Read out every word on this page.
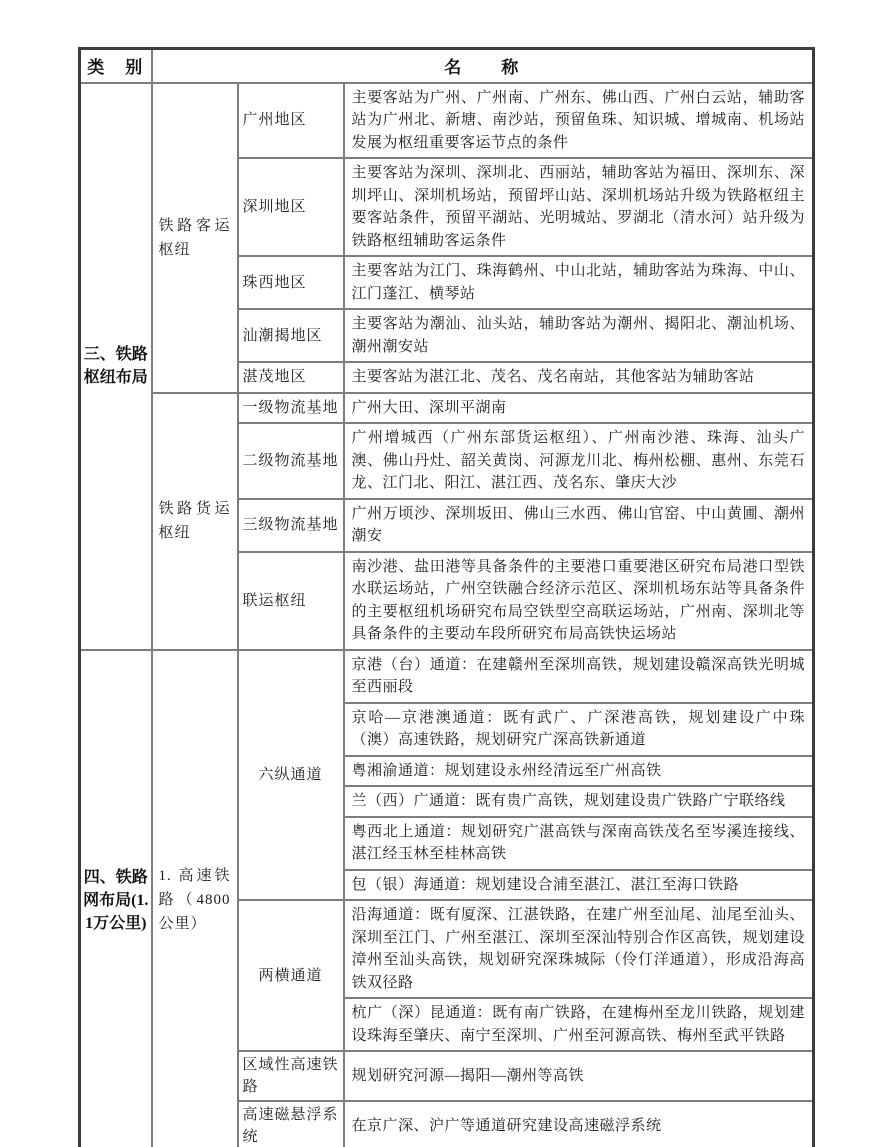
类　别	名　　称		
三、铁路枢纽布局	铁路客运枢纽	广州地区	主要客站为广州、广州南、广州东、佛山西、广州白云站，辅助客站为广州北、新塘、南沙站，预留鱼珠、知识城、增城南、机场站发展为枢纽重要客运节点的条件
		深圳地区	主要客站为深圳、深圳北、西丽站，辅助客站为福田、深圳东、深圳坪山、深圳机场站，预留坪山站、深圳机场站升级为铁路枢纽主要客站条件，预留平湖站、光明城站、罗湖北（清水河）站升级为铁路枢纽辅助客运条件
		珠西地区	主要客站为江门、珠海鹤州、中山北站，辅助客站为珠海、中山、江门蓬江、横琴站
		汕潮揭地区	主要客站为潮汕、汕头站，辅助客站为潮州、揭阳北、潮汕机场、潮州潮安站
		湛茂地区	主要客站为湛江北、茂名、茂名南站，其他客站为辅助客站
	铁路货运枢纽	一级物流基地	广州大田、深圳平湖南
		二级物流基地	广州增城西（广州东部货运枢纽）、广州南沙港、珠海、汕头广澳、佛山丹灶、韶关黄岗、河源龙川北、梅州松棚、惠州、东莞石龙、江门北、阳江、湛江西、茂名东、肇庆大沙
		三级物流基地	广州万顷沙、深圳坂田、佛山三水西、佛山官窑、中山黄圃、潮州潮安
		联运枢纽	南沙港、盐田港等具备条件的主要港口重要港区研究布局港口型铁水联运场站，广州空铁融合经济示范区、深圳机场东站等具备条件的主要枢纽机场研究布局空铁型空高联运场站，广州南、深圳北等具备条件的主要动车段所研究布局高铁快运场站
四、铁路网布局(1.1万公里)	1. 高速铁路（4800公里）	六纵通道	京港（台）通道：在建赣州至深圳高铁，规划建设赣深高铁光明城至西丽段
			京哈—京港澳通道：既有武广、广深港高铁，规划建设广中珠（澳）高速铁路，规划研究广深高铁新通道
			粤湘渝通道：规划建设永州经清远至广州高铁
			兰（西）广通道：既有贵广高铁，规划建设贵广铁路广宁联络线
			粤西北上通道：规划研究广湛高铁与深南高铁茂名至岑溪连接线、湛江经玉林至桂林高铁
			包（银）海通道：规划建设合浦至湛江、湛江至海口铁路
		两横通道	沿海通道：既有厦深、江湛铁路，在建广州至汕尾、汕尾至汕头、深圳至江门、广州至湛江、深圳至深汕特别合作区高铁，规划建设漳州至汕头高铁，规划研究深珠城际（伶仃洋通道），形成沿海高铁双径路
			杭广（深）昆通道：既有南广铁路，在建梅州至龙川铁路，规划建设珠海至肇庆、南宁至深圳、广州至河源高铁、梅州至武平铁路
		区域性高速铁路	规划研究河源—揭阳—潮州等高铁
		高速磁悬浮系统	在京广深、沪广等通道研究建设高速磁浮系统
